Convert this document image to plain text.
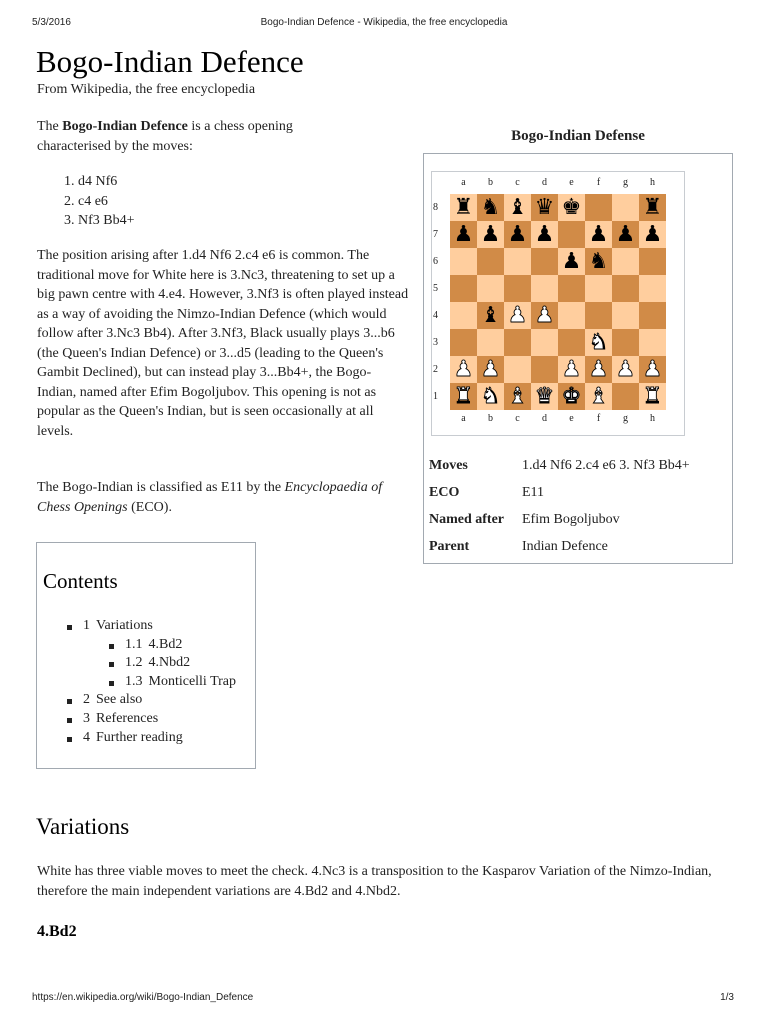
5/3/2016	Bogo-Indian Defence - Wikipedia, the free encyclopedia
Bogo-Indian Defence
From Wikipedia, the free encyclopedia

The Bogo-Indian Defence is a chess opening characterised by the moves:

1. d4 Nf6
2. c4 e6
3. Nf3 Bb4+

The position arising after 1.d4 Nf6 2.c4 e6 is common. The traditional move for White here is 3.Nc3, threatening to set up a big pawn centre with 4.e4. However, 3.Nf3 is often played instead as a way of avoiding the Nimzo-Indian Defence (which would follow after 3.Nc3 Bb4). After 3.Nf3, Black usually plays 3...b6 (the Queen's Indian Defence) or 3...d5 (leading to the Queen's Gambit Declined), but can instead play 3...Bb4+, the Bogo-Indian, named after Efim Bogoljubov. This opening is not as popular as the Queen's Indian, but is seen occasionally at all levels.

The Bogo-Indian is classified as E11 by the Encyclopaedia of Chess Openings (ECO).

Contents
1 Variations
1.1 4.Bd2
1.2 4.Nbd2
1.3 Monticelli Trap
2 See also
3 References
4 Further reading
Variations

White has three viable moves to meet the check. 4.Nc3 is a transposition to the Kasparov Variation of the Nimzo-Indian, therefore the main independent variations are 4.Bd2 and 4.Nbd2.

4.Bd2
Bogo-Indian Defense
a	b	c	d	e	f	g	h
a	b	c	d	e	f	g	h
8
7
6
5
4
3
2
1
♜ ♞ ♝ ♛ ♚	♜
♟ ♟ ♟ ♟ ♟ ♟ ♟
♟ ♞
♝ ♟ ♟
♞
♟ ♟	♟ ♟ ♟ ♟
♜ ♞ ♝ ♛ ♚ ♝ ♜
Moves	1.d4 Nf6 2.c4 e6 3. Nf3 Bb4+
ECO	E11
Named after	Efim Bogoljubov
Parent	Indian Defence
https://en.wikipedia.org/wiki/Bogo-Indian_Defence	1/3
